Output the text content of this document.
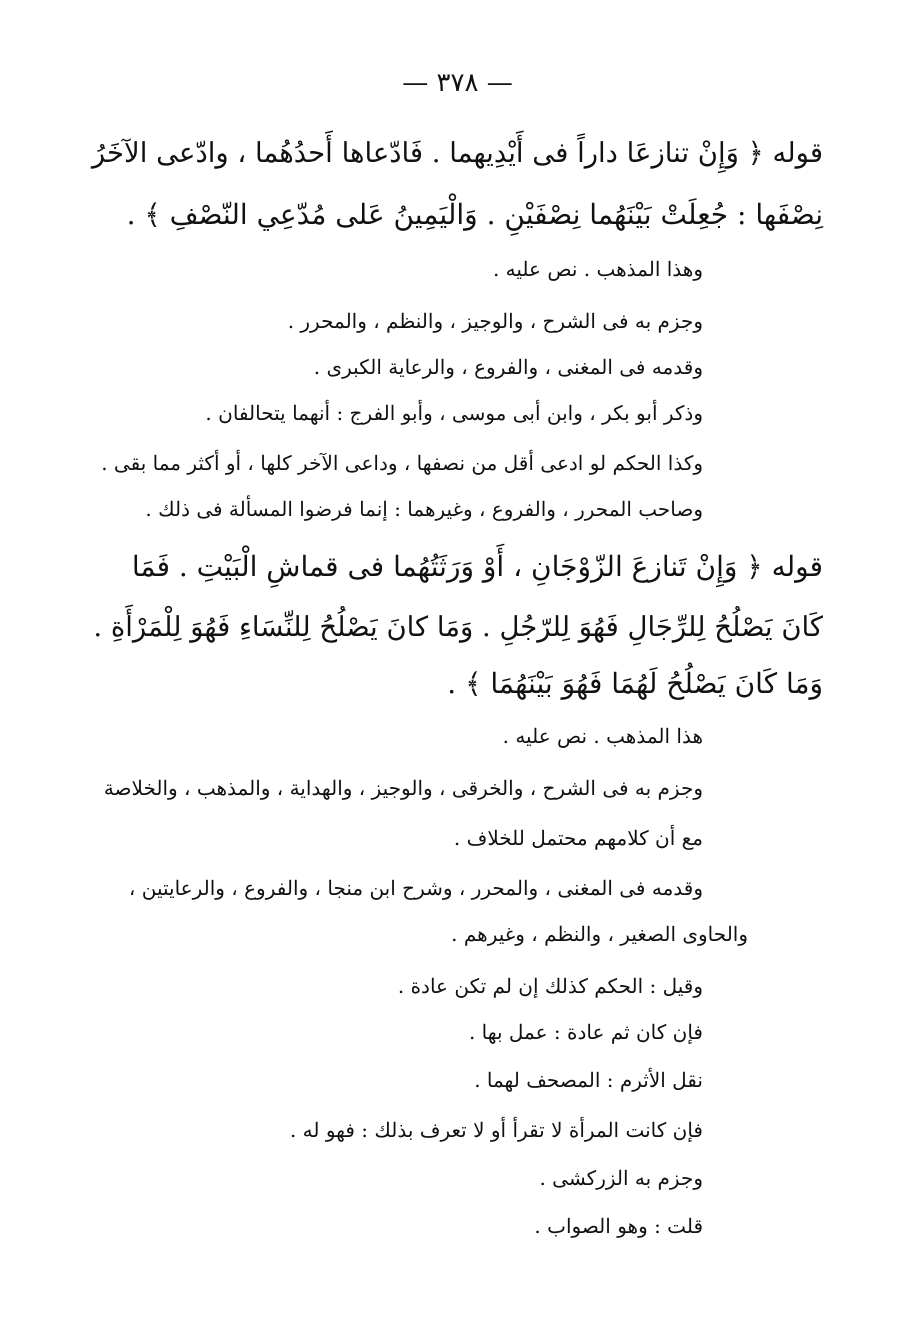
— ٣٧٨ —
قوله ﴿ وَإِنْ تنازعَا داراً فى أَيْدِيهما . فَادّعاها أَحدُهُما ، وادّعى الآخَرُ
نِصْفَها : جُعِلَتْ بَيْنَهُما نِصْفَيْنِ . وَالْيَمِينُ عَلى مُدّعِي النّصْفِ ﴾ .
وهذا المذهب . نص عليه .
وجزم به فى الشرح ، والوجيز ، والنظم ، والمحرر .
وقدمه فى المغنى ، والفروع ، والرعاية الكبرى .
وذكر أبو بكر ، وابن أبى موسى ، وأبو الفرج : أنهما يتحالفان .
وكذا الحكم لو ادعى أقل من نصفها ، وداعى الآخر كلها ، أو أكثر مما بقى .
وصاحب المحرر ، والفروع ، وغيرهما : إنما فرضوا المسألة فى ذلك .
قوله ﴿ وَإِنْ تَنازعَ الزّوْجَانِ ، أَوْ وَرَثَتُهُما فى قماشِ الْبَيْتِ . فَمَا
كَانَ يَصْلُحُ لِلرِّجَالِ فَهُوَ لِلرّجُلِ . وَمَا كانَ يَصْلُحُ لِلنِّسَاءِ فَهُوَ لِلْمَرْأَةِ .
وَمَا كَانَ يَصْلُحُ لَهُمَا فَهُوَ بَيْنَهُمَا ﴾ .
هذا المذهب . نص عليه .
وجزم به فى الشرح ، والخرقى ، والوجيز ، والهداية ، والمذهب ، والخلاصة
مع أن كلامهم محتمل للخلاف .
وقدمه فى المغنى ، والمحرر ، وشرح ابن منجا ، والفروع ، والرعايتين ،
والحاوى الصغير ، والنظم ، وغيرهم .
وقيل : الحكم كذلك إن لم تكن عادة .
فإن كان ثم عادة : عمل بها .
نقل الأثرم : المصحف لهما .
فإن كانت المرأة لا تقرأ أو لا تعرف بذلك : فهو له .
وجزم به الزركشى .
قلت : وهو الصواب .
